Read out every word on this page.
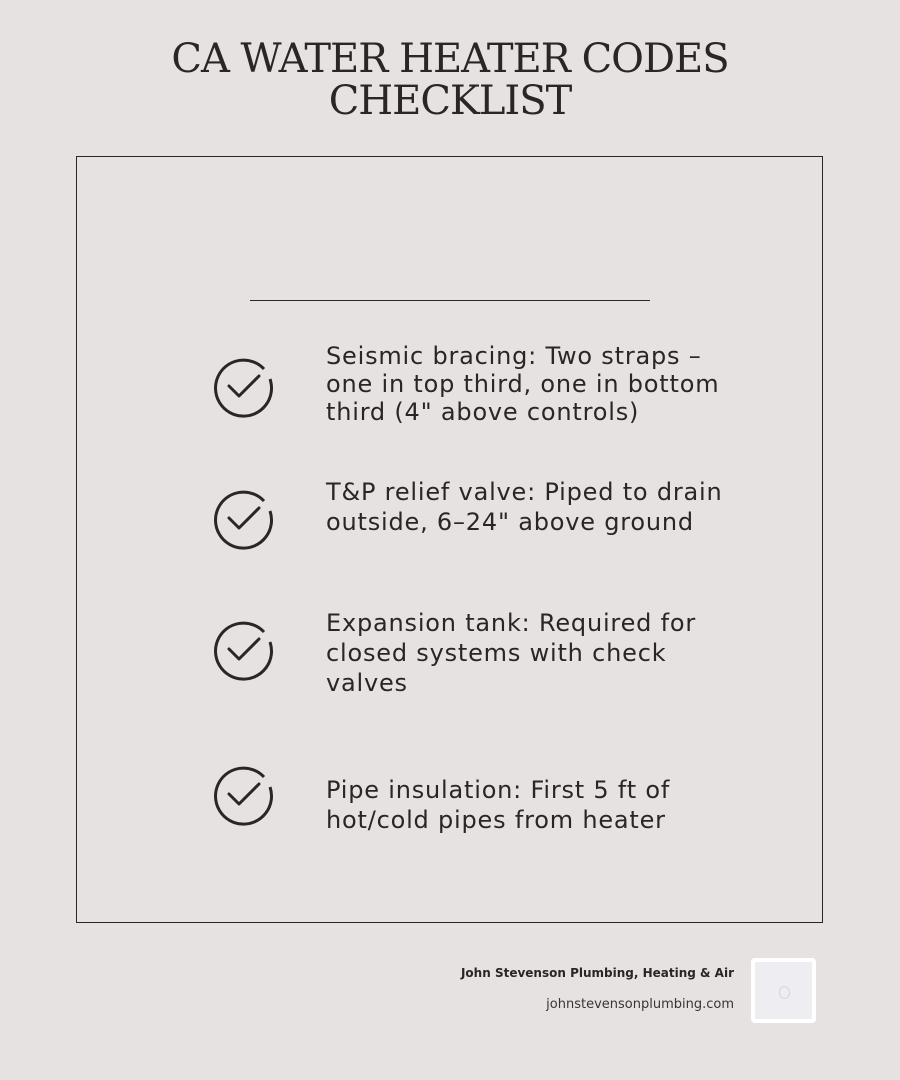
CA WATER HEATER CODES
CHECKLIST
Seismic bracing: Two straps – one in top third, one in bottom third (4" above controls)
T&P relief valve: Piped to drain outside, 6–24" above ground
Expansion tank: Required for closed systems with check valves
Pipe insulation: First 5 ft of hot/cold pipes from heater
John Stevenson Plumbing, Heating & Air
johnstevensonplumbing.com
